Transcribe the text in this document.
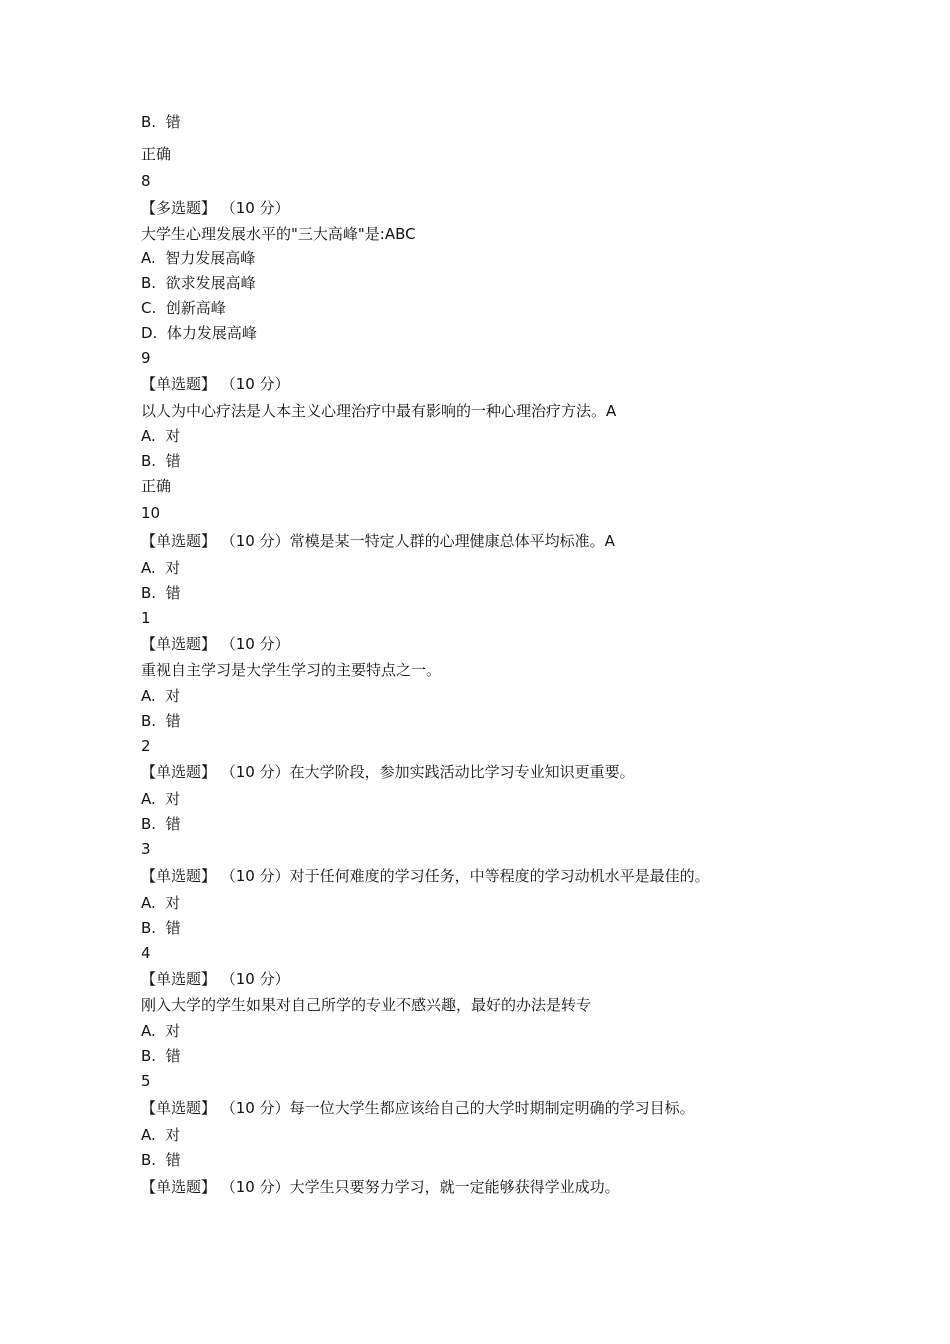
B.  错
正确
8
【多选题】 （10 分）
大学生心理发展水平的"三大高峰"是:ABC
A.  智力发展高峰
B.  欲求发展高峰
C.  创新高峰
D.  体力发展高峰
9
【单选题】 （10 分）
以人为中心疗法是人本主义心理治疗中最有影响的一种心理治疗方法。A
A.  对
B.  错
正确
10
【单选题】 （10 分）常模是某一特定人群的心理健康总体平均标准。A
A.  对
B.  错
1
【单选题】 （10 分）
重视自主学习是大学生学习的主要特点之一。
A.  对
B.  错
2
【单选题】 （10 分）在大学阶段，参加实践活动比学习专业知识更重要。
A.  对
B.  错
3
【单选题】 （10 分）对于任何难度的学习任务，中等程度的学习动机水平是最佳的。
A.  对
B.  错
4
【单选题】 （10 分）
刚入大学的学生如果对自己所学的专业不感兴趣，最好的办法是转专
A.  对
B.  错
5
【单选题】 （10 分）每一位大学生都应该给自己的大学时期制定明确的学习目标。
A.  对
B.  错
【单选题】 （10 分）大学生只要努力学习，就一定能够获得学业成功。
